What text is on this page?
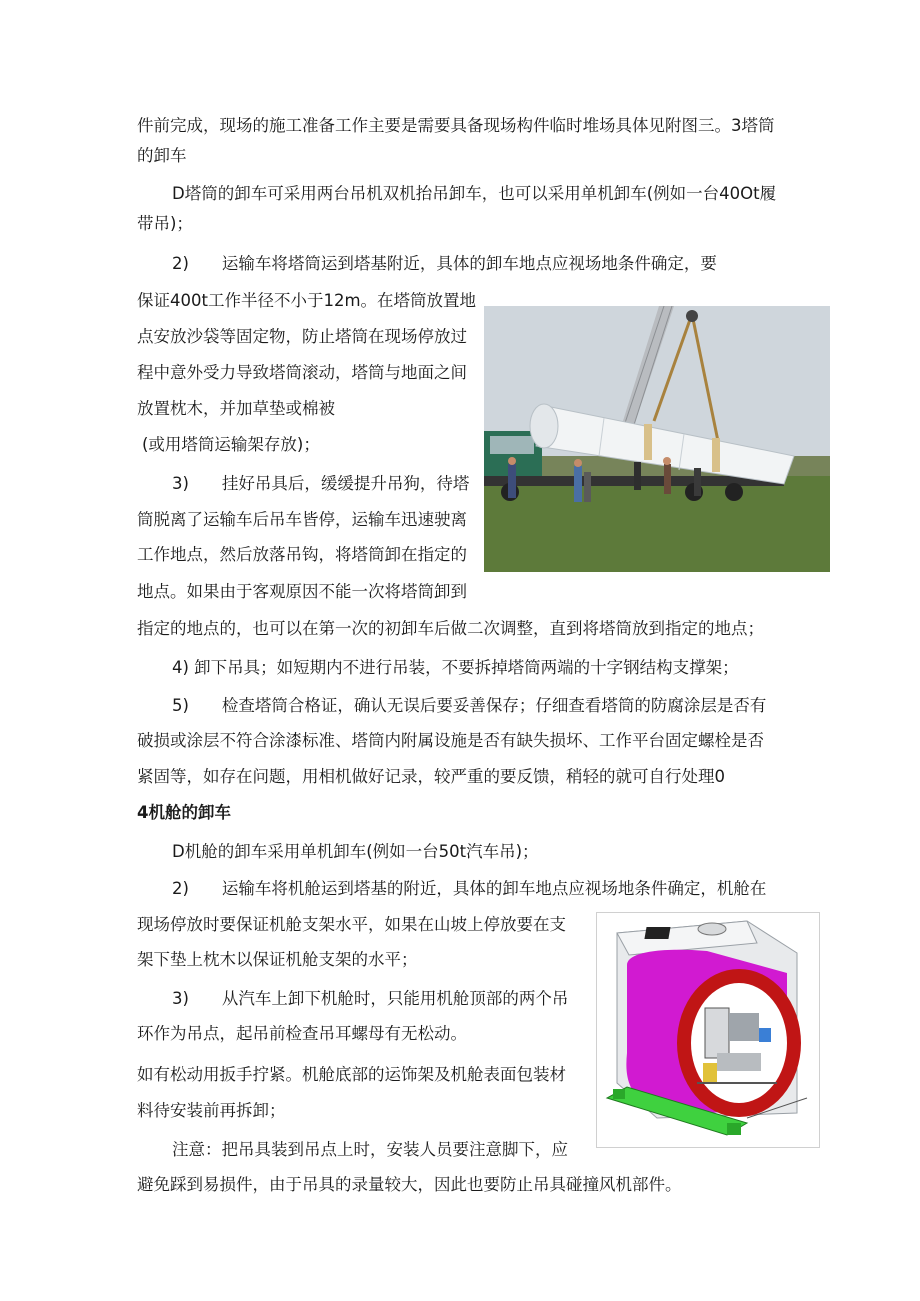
件前完成，现场的施工准备工作主要是需要具备现场构件临时堆场具体见附图三。3塔筒

的卸车

D塔筒的卸车可采用两台吊机双机抬吊卸车，也可以采用单机卸车(例如一台40Ot履

带吊)；

2)　　运输车将塔筒运到塔基附近，具体的卸车地点应视场地条件确定，要

保证400t工作半径不小于12m。在塔筒放置地

点安放沙袋等固定物，防止塔筒在现场停放过

程中意外受力导致塔筒滚动，塔筒与地面之间

放置枕木，并加草垫或棉被

(或用塔筒运输架存放)；

3)　　挂好吊具后，缓缓提升吊狗，待塔

筒脱离了运输车后吊车皆停，运输车迅速驶离

工作地点，然后放落吊钩，将塔筒卸在指定的

地点。如果由于客观原因不能一次将塔筒卸到

指定的地点的，也可以在第一次的初卸车后做二次调整，直到将塔筒放到指定的地点；

4) 卸下吊具；如短期内不进行吊装，不要拆掉塔筒两端的十字钢结构支撑架；

5)　　检查塔筒合格证，确认无误后要妥善保存；仔细查看塔筒的防腐涂层是否有

破损或涂层不符合涂漆标准、塔筒内附属设施是否有缺失损坏、工作平台固定螺栓是否

紧固等，如存在问题，用相机做好记录，较严重的要反馈，稍轻的就可自行处理0

4机舱的卸车

D机舱的卸车采用单机卸车(例如一台50t汽车吊)；

2)　　运输车将机舱运到塔基的附近，具体的卸车地点应视场地条件确定，机舱在

现场停放时要保证机舱支架水平，如果在山坡上停放要在支

架下垫上枕木以保证机舱支架的水平；

3)　　从汽车上卸下机舱时，只能用机舱顶部的两个吊

环作为吊点，起吊前检查吊耳螺母有无松动。

如有松动用扳手拧紧。机舱底部的运饰架及机舱表面包装材

料待安装前再拆卸；

注意：把吊具装到吊点上时，安装人员要注意脚下，应

避免踩到易损件，由于吊具的录量较大，因此也要防止吊具碰撞风机部件。
